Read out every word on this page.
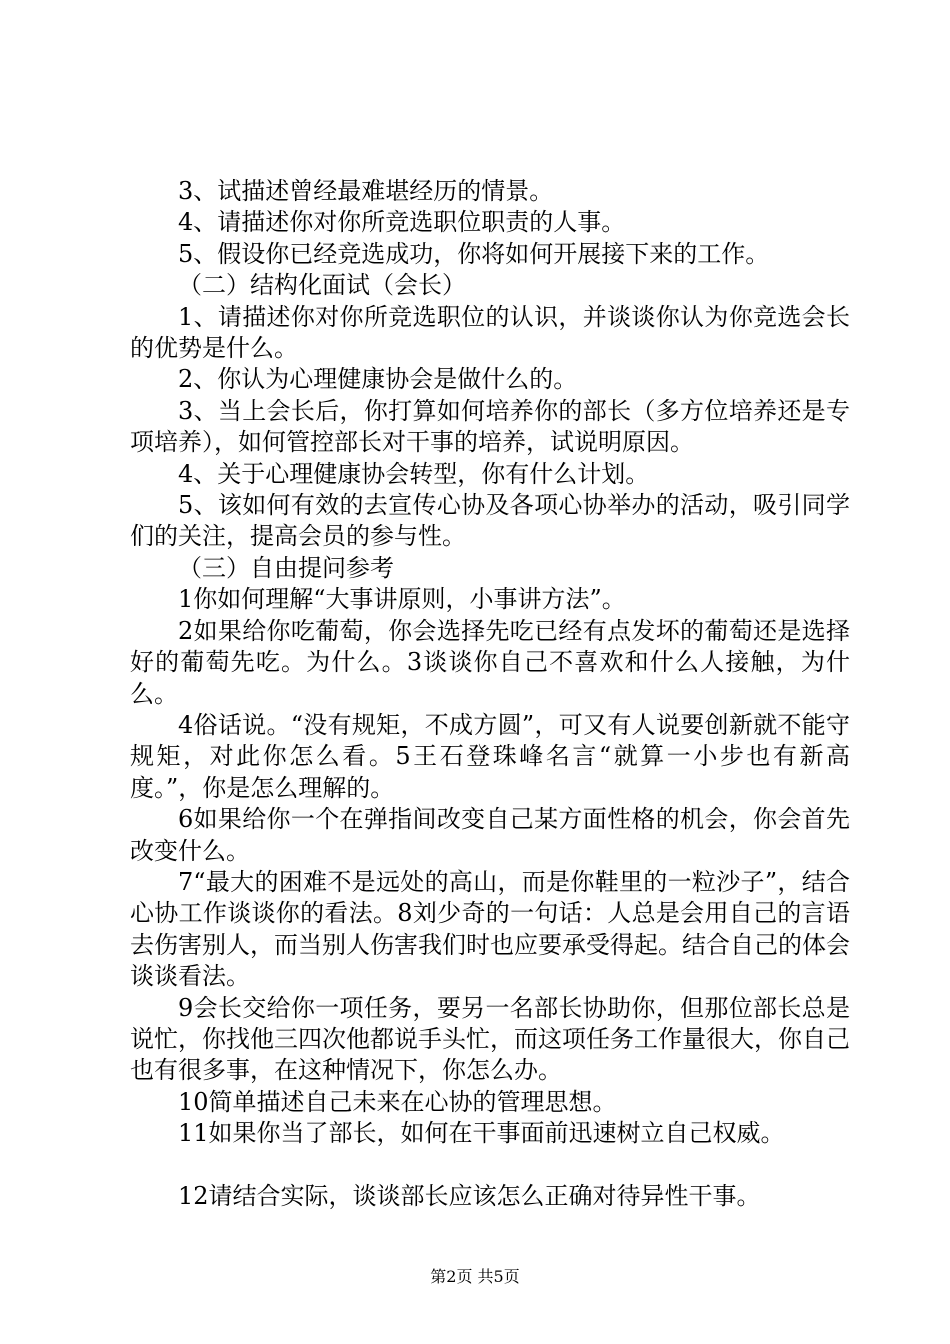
3、试描述曾经最难堪经历的情景。

4、请描述你对你所竞选职位职责的人事。

5、假设你已经竞选成功，你将如何开展接下来的工作。

（二）结构化面试（会长）

1、请描述你对你所竞选职位的认识，并谈谈你认为你竞选会长的优势是什么。

2、你认为心理健康协会是做什么的。

3、当上会长后，你打算如何培养你的部长（多方位培养还是专项培养），如何管控部长对干事的培养，试说明原因。

4、关于心理健康协会转型，你有什么计划。

5、该如何有效的去宣传心协及各项心协举办的活动，吸引同学们的关注，提高会员的参与性。

（三）自由提问参考

1你如何理解“大事讲原则，小事讲方法”。

2如果给你吃葡萄，你会选择先吃已经有点发坏的葡萄还是选择好的葡萄先吃。为什么。3谈谈你自己不喜欢和什么人接触，为什么。

4俗话说。“没有规矩，不成方圆”，可又有人说要创新就不能守规矩，对此你怎么看。5王石登珠峰名言“就算一小步也有新高度。”，你是怎么理解的。

6如果给你一个在弹指间改变自己某方面性格的机会，你会首先改变什么。

7“最大的困难不是远处的高山，而是你鞋里的一粒沙子”，结合心协工作谈谈你的看法。8刘少奇的一句话：人总是会用自己的言语去伤害别人，而当别人伤害我们时也应要承受得起。结合自己的体会谈谈看法。

9会长交给你一项任务，要另一名部长协助你，但那位部长总是说忙，你找他三四次他都说手头忙，而这项任务工作量很大，你自己也有很多事，在这种情况下，你怎么办。

10简单描述自己未来在心协的管理思想。

11如果你当了部长，如何在干事面前迅速树立自己权威。

12请结合实际，谈谈部长应该怎么正确对待异性干事。

第2页 共5页
